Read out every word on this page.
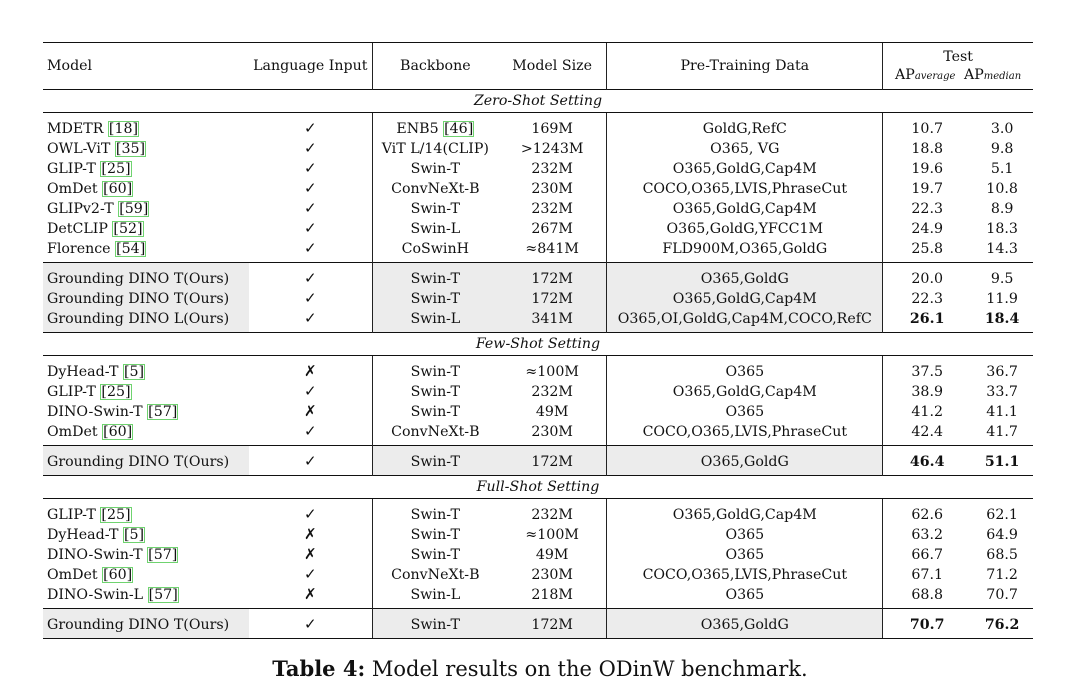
Model	Language Input	Backbone	Model Size	Pre-Training Data	Test
APaverage APmedian	

Zero-Shot Setting						
MDETR [18]	✓	ENB5 [46]	169M	GoldG,RefC	10.7	3.0
OWL-ViT [35]	✓	ViT L/14(CLIP)	>1243M	O365, VG	18.8	9.8
GLIP-T [25]	✓	Swin-T	232M	O365,GoldG,Cap4M	19.6	5.1
OmDet [60]	✓	ConvNeXt-B	230M	COCO,O365,LVIS,PhraseCut	19.7	10.8
GLIPv2-T [59]	✓	Swin-T	232M	O365,GoldG,Cap4M	22.3	8.9
DetCLIP [52]	✓	Swin-L	267M	O365,GoldG,YFCC1M	24.9	18.3
Florence [54]	✓	CoSwinH	≈841M	FLD900M,O365,GoldG	25.8	14.3
Grounding DINO T(Ours)	✓	Swin-T	172M	O365,GoldG	20.0	9.5
Grounding DINO T(Ours)	✓	Swin-T	172M	O365,GoldG,Cap4M	22.3	11.9
Grounding DINO L(Ours)	✓	Swin-L	341M	O365,OI,GoldG,Cap4M,COCO,RefC	26.1	18.4
Few-Shot Setting						
DyHead-T [5]	✗	Swin-T	≈100M	O365	37.5	36.7
GLIP-T [25]	✓	Swin-T	232M	O365,GoldG,Cap4M	38.9	33.7
DINO-Swin-T [57]	✗	Swin-T	49M	O365	41.2	41.1
OmDet [60]	✓	ConvNeXt-B	230M	COCO,O365,LVIS,PhraseCut	42.4	41.7
Grounding DINO T(Ours)	✓	Swin-T	172M	O365,GoldG	46.4	51.1
Full-Shot Setting						
GLIP-T [25]	✓	Swin-T	232M	O365,GoldG,Cap4M	62.6	62.1
DyHead-T [5]	✗	Swin-T	≈100M	O365	63.2	64.9
DINO-Swin-T [57]	✗	Swin-T	49M	O365	66.7	68.5
OmDet [60]	✓	ConvNeXt-B	230M	COCO,O365,LVIS,PhraseCut	67.1	71.2
DINO-Swin-L [57]	✗	Swin-L	218M	O365	68.8	70.7
Grounding DINO T(Ours)	✓	Swin-T	172M	O365,GoldG	70.7	76.2
Table 4: Model results on the ODinW benchmark.
